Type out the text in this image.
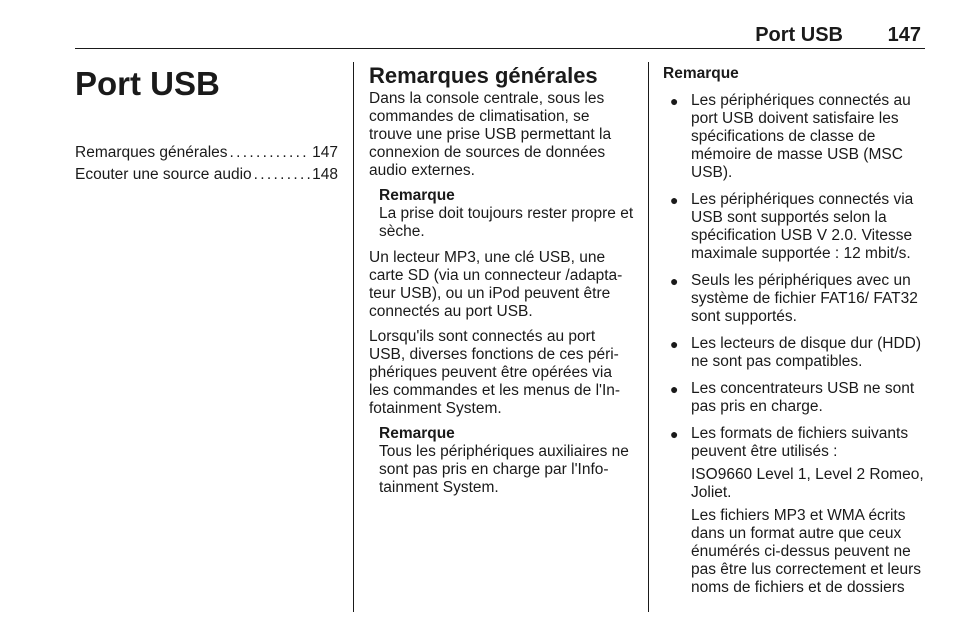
Port USB 147
Port USB
Remarques générales . . .	147
Ecouter une source audio . . .	148
Remarques générales

Dans la console centrale, sous les commandes de climatisation, se trouve une prise USB permettant la connexion de sources de données audio externes.

Remarque
La prise doit toujours rester propre et sèche.

Un lecteur MP3, une clé USB, une carte SD (via un connecteur /adaptateur USB), ou un iPod peuvent être connectés au port USB.

Lorsqu'ils sont connectés au port USB, diverses fonctions de ces périphériques peuvent être opérées via les commandes et les menus de l'Infotainment System.

Remarque
Tous les périphériques auxiliaires ne sont pas pris en charge par l'Infotainment System.
Remarque
● Les périphériques connectés au port USB doivent satisfaire les spécifications de classe de mémoire de masse USB (MSC USB).
● Les périphériques connectés via USB sont supportés selon la spécification USB V 2.0. Vitesse maximale supportée : 12 mbit/s.
● Seuls les périphériques avec un système de fichier FAT16/ FAT32 sont supportés.
● Les lecteurs de disque dur (HDD) ne sont pas compatibles.
● Les concentrateurs USB ne sont pas pris en charge.
● Les formats de fichiers suivants peuvent être utilisés :

ISO9660 Level 1, Level 2 Romeo, Joliet.

Les fichiers MP3 et WMA écrits dans un format autre que ceux énumérés ci-dessus peuvent ne pas être lus correctement et leurs noms de fichiers et de dossiers
